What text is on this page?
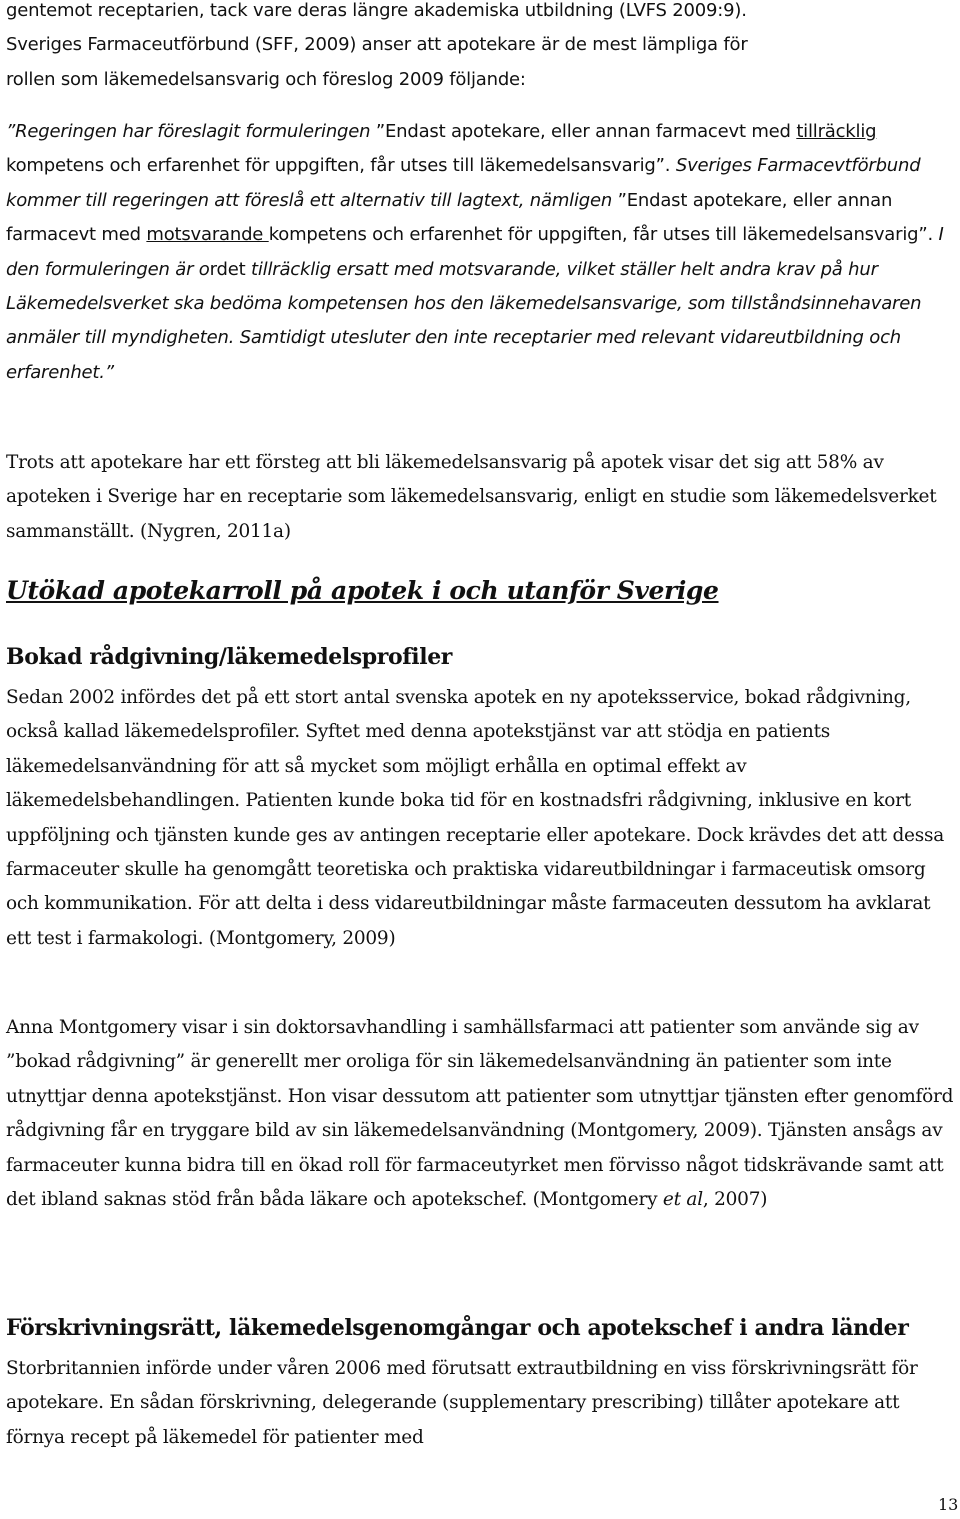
gentemot receptarien, tack vare deras längre akademiska utbildning (LVFS 2009:9).
Sveriges Farmaceutförbund (SFF, 2009) anser att apotekare är de mest lämpliga för
rollen som läkemedelsansvarig och föreslog 2009 följande:
”Regeringen har föreslagit formuleringen ”Endast apotekare, eller annan farmacevt med tillräcklig kompetens och erfarenhet för uppgiften, får utses till läkemedelsansvarig”. Sveriges Farmacevtförbund kommer till regeringen att föreslå ett alternativ till lagtext, nämligen ”Endast apotekare, eller annan farmacevt med motsvarande kompetens och erfarenhet för uppgiften, får utses till läkemedelsansvarig”. I den formuleringen är ordet tillräcklig ersatt med motsvarande, vilket ställer helt andra krav på hur Läkemedelsverket ska bedöma kompetensen hos den läkemedelsansvarige, som tillståndsinnehavaren anmäler till myndigheten. Samtidigt utesluter den inte receptarier med relevant vidareutbildning och erfarenhet.”

Trots att apotekare har ett försteg att bli läkemedelsansvarig på apotek visar det sig att 58% av apoteken i Sverige har en receptarie som läkemedelsansvarig, enligt en studie som läkemedelsverket sammanställt. (Nygren, 2011a)

Utökad apotekarroll på apotek i och utanför Sverige
Bokad rådgivning/läkemedelsprofiler

Sedan 2002 infördes det på ett stort antal svenska apotek en ny apoteksservice, bokad rådgivning, också kallad läkemedelsprofiler. Syftet med denna apotekstjänst var att stödja en patients läkemedelsanvändning för att så mycket som möjligt erhålla en optimal effekt av läkemedelsbehandlingen. Patienten kunde boka tid för en kostnadsfri rådgivning, inklusive en kort uppföljning och tjänsten kunde ges av antingen receptarie eller apotekare. Dock krävdes det att dessa farmaceuter skulle ha genomgått teoretiska och praktiska vidareutbildningar i farmaceutisk omsorg och kommunikation. För att delta i dess vidareutbildningar måste farmaceuten dessutom ha avklarat ett test i farmakologi. (Montgomery, 2009)

Anna Montgomery visar i sin doktorsavhandling i samhällsfarmaci att patienter som använde sig av ”bokad rådgivning” är generellt mer oroliga för sin läkemedelsanvändning än patienter som inte utnyttjar denna apotekstjänst. Hon visar dessutom att patienter som utnyttjar tjänsten efter genomförd rådgivning får en tryggare bild av sin läkemedelsanvändning (Montgomery, 2009). Tjänsten ansågs av farmaceuter kunna bidra till en ökad roll för farmaceutyrket men förvisso något tidskrävande samt att det ibland saknas stöd från båda läkare och apotekschef. (Montgomery et al, 2007)

Förskrivningsrätt, läkemedelsgenomgångar och apotekschef i andra länder

Storbritannien införde under våren 2006 med förutsatt extrautbildning en viss förskrivningsrätt för apotekare. En sådan förskrivning, delegerande (supplementary prescribing) tillåter apotekare att förnya recept på läkemedel för patienter med

13
